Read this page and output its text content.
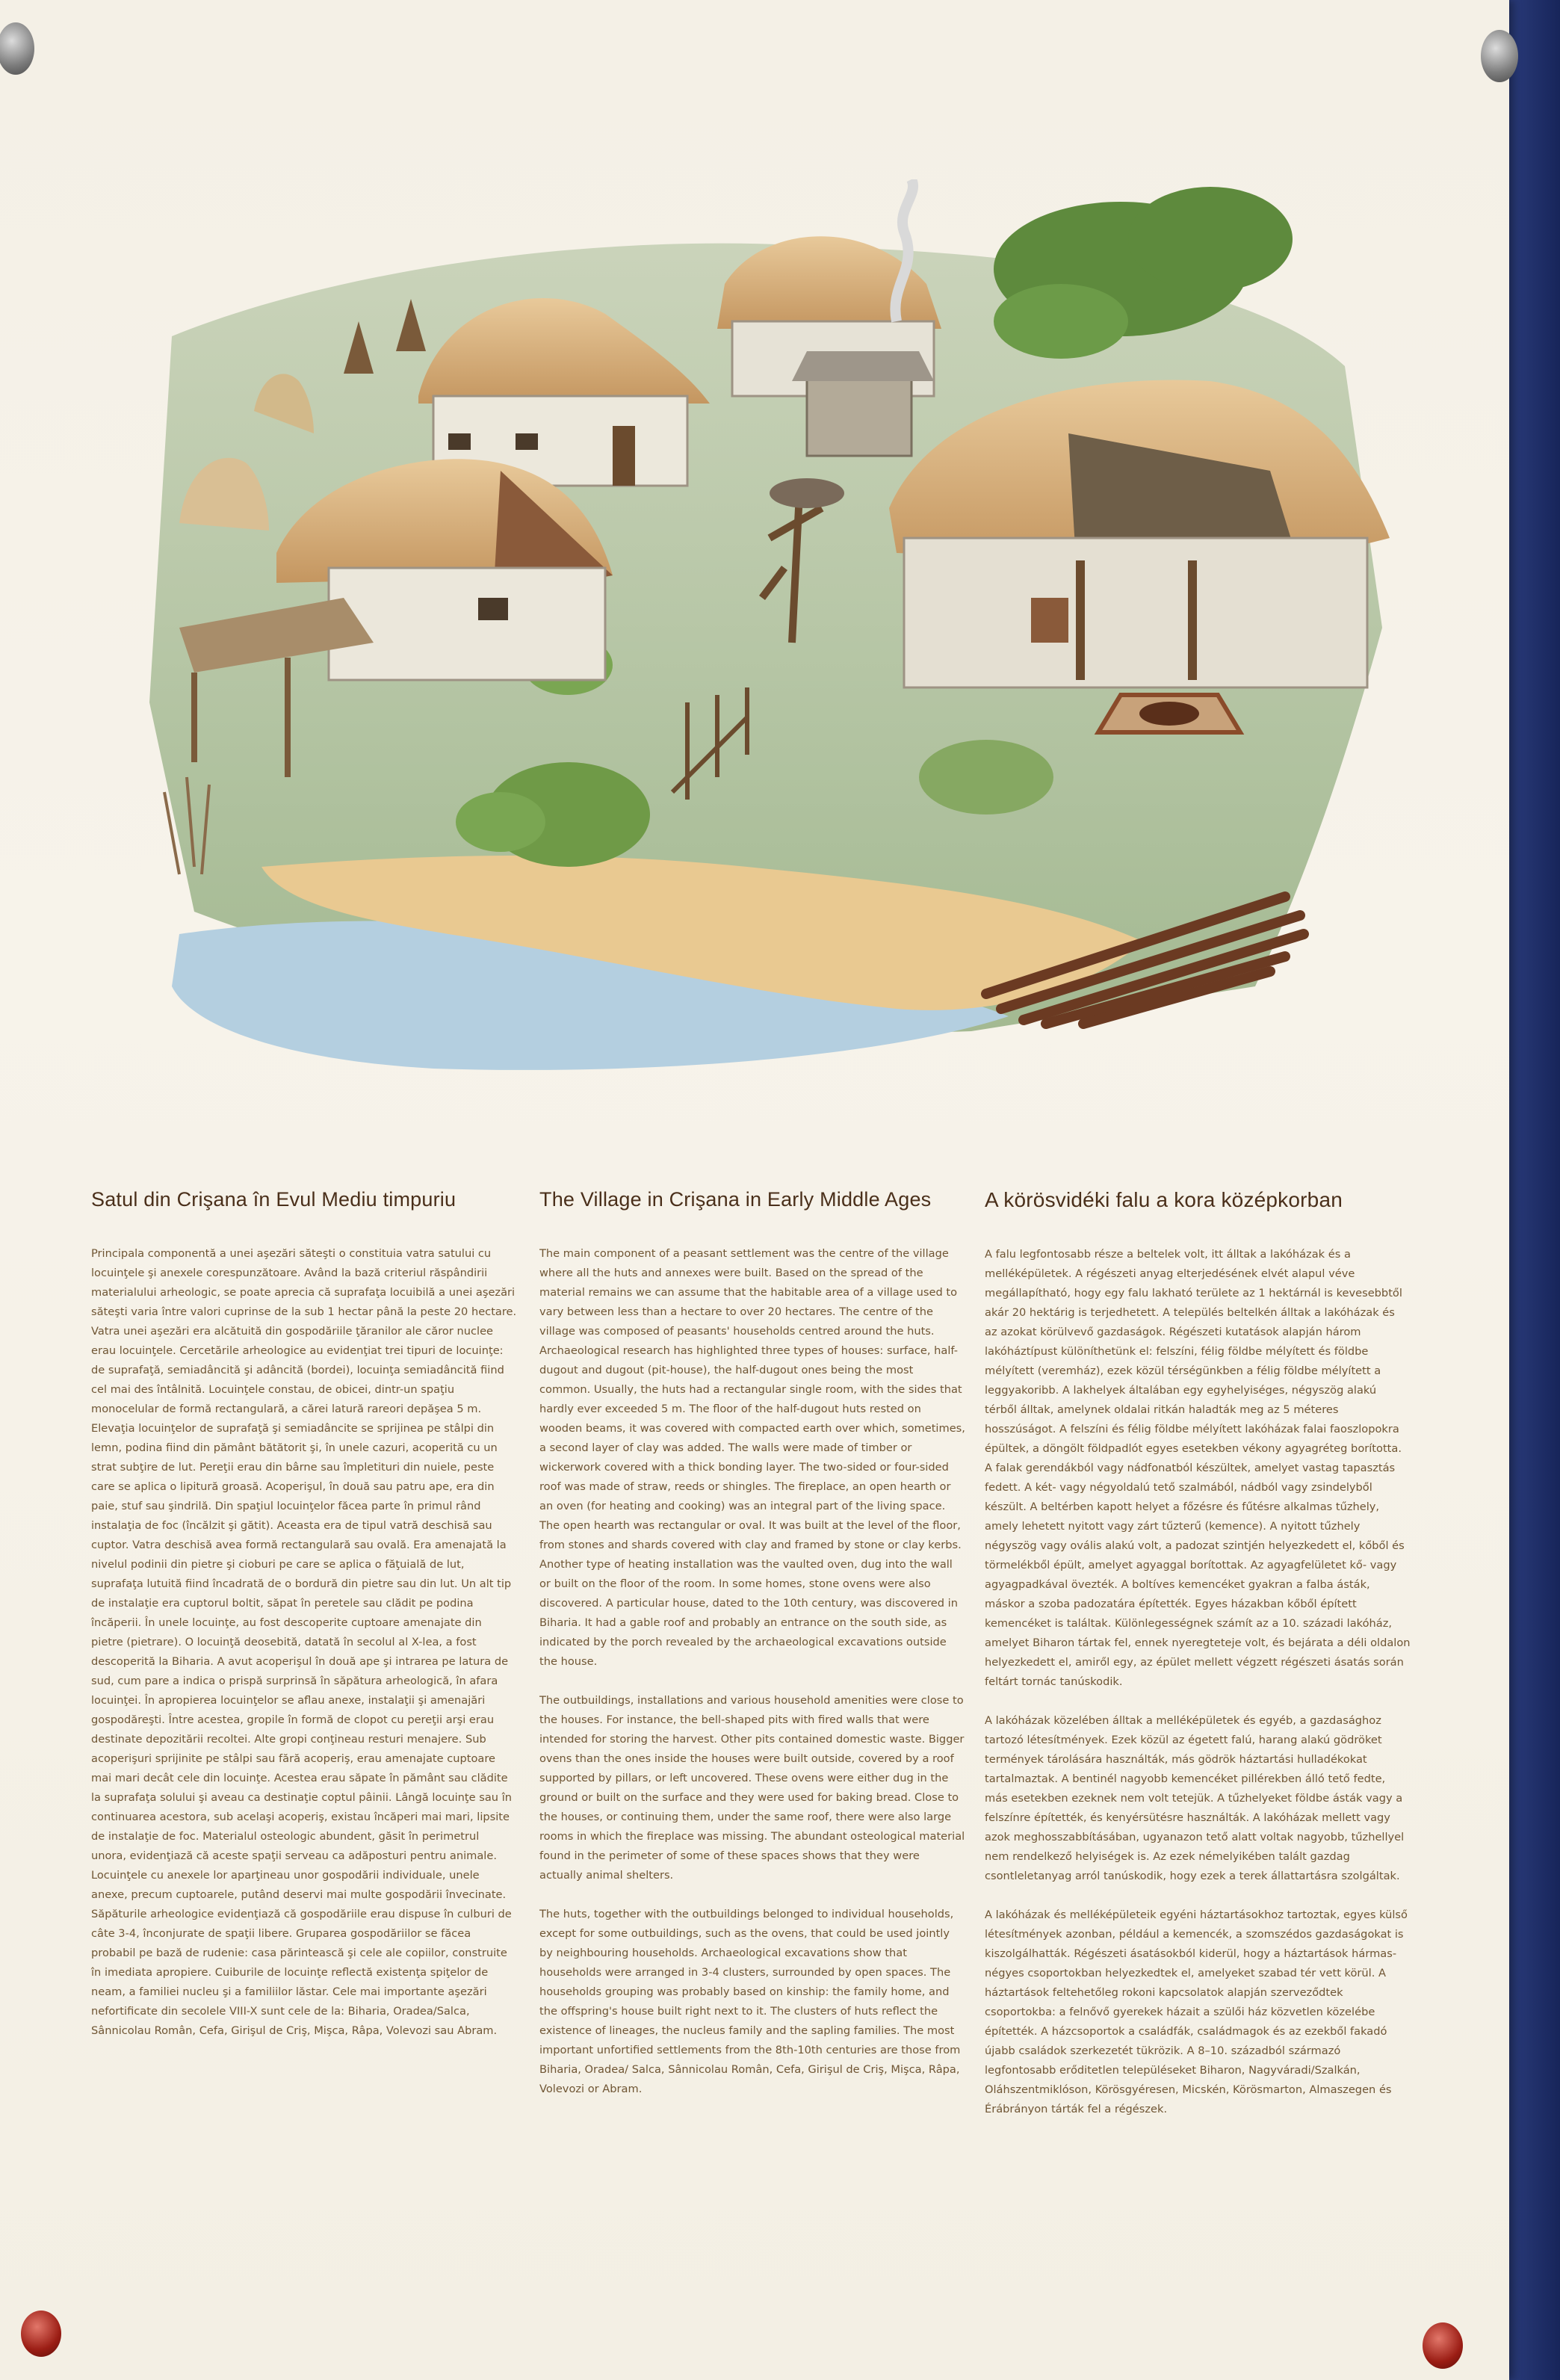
Satul din Crişana în Evul Mediu timpuriu

Principala componentă a unei aşezări săteşti o constituia vatra satului cu locuinţele şi anexele corespunzătoare. Având la bază criteriul răspândirii materialului arheologic, se poate aprecia că suprafaţa locuibilă a unei aşezări săteşti varia între valori cuprinse de la sub 1 hectar până la peste 20 hectare. Vatra unei aşezări era alcătuită din gospodăriile ţăranilor ale căror nuclee erau locuinţele. Cercetările arheologice au evidenţiat trei tipuri de locuinţe: de suprafaţă, semiadâncită şi adâncită (bordei), locuinţa semiadâncită fiind cel mai des întâlnită. Locuinţele constau, de obicei, dintr-un spaţiu monocelular de formă rectangulară, a cărei latură rareori depăşea 5 m. Elevaţia locuinţelor de suprafaţă şi semiadâncite se sprijinea pe stâlpi din lemn, podina fiind din pământ bătătorit şi, în unele cazuri, acoperită cu un strat subţire de lut. Pereţii erau din bârne sau împletituri din nuiele, peste care se aplica o lipitură groasă. Acoperişul, în două sau patru ape, era din paie, stuf sau şindrilă. Din spaţiul locuinţelor făcea parte în primul rând instalaţia de foc (încălzit şi gătit). Aceasta era de tipul vatră deschisă sau cuptor. Vatra deschisă avea formă rectangulară sau ovală. Era amenajată la nivelul podinii din pietre şi cioburi pe care se aplica o făţuială de lut, suprafaţa lutuită fiind încadrată de o bordură din pietre sau din lut. Un alt tip de instalaţie era cuptorul boltit, săpat în peretele sau clădit pe podina încăperii. În unele locuinţe, au fost descoperite cuptoare amenajate din pietre (pietrare). O locuinţă deosebită, datată în secolul al X-lea, a fost descoperită la Biharia. A avut acoperişul în două ape şi intrarea pe latura de sud, cum pare a indica o prispă surprinsă în săpătura arheologică, în afara locuinţei. În apropierea locuinţelor se aflau anexe, instalaţii şi amenajări gospodăreşti. Între acestea, gropile în formă de clopot cu pereţii arşi erau destinate depozitării recoltei. Alte gropi conţineau resturi menajere. Sub acoperişuri sprijinite pe stâlpi sau fără acoperiş, erau amenajate cuptoare mai mari decât cele din locuinţe. Acestea erau săpate în pământ sau clădite la suprafaţa solului şi aveau ca destinaţie coptul pâinii. Lângă locuinţe sau în continuarea acestora, sub acelaşi acoperiş, existau încăperi mai mari, lipsite de instalaţie de foc. Materialul osteologic abundent, găsit în perimetrul unora, evidenţiază că aceste spaţii serveau ca adăposturi pentru animale. Locuinţele cu anexele lor aparţineau unor gospodării individuale, unele anexe, precum cuptoarele, putând deservi mai multe gospodării învecinate. Săpăturile arheologice evidenţiază că gospodăriile erau dispuse în culburi de câte 3-4, înconjurate de spaţii libere. Gruparea gospodăriilor se făcea probabil pe bază de rudenie: casa părintească şi cele ale copiilor, construite în imediata apropiere. Cuiburile de locuinţe reflectă existenţa spiţelor de neam, a familiei nucleu şi a familiilor lăstar. Cele mai importante aşezări nefortificate din secolele VIII-X sunt cele de la: Biharia, Oradea/Salca, Sânnicolau Român, Cefa, Girişul de Criş, Mişca, Râpa, Volevozi sau Abram.

The Village in Crişana in Early Middle Ages

The main component of a peasant settlement was the centre of the village where all the huts and annexes were built. Based on the spread of the material remains we can assume that the habitable area of a village used to vary between less than a hectare to over 20 hectares. The centre of the village was composed of peasants' households centred around the huts. Archaeological research has highlighted three types of houses: surface, half-dugout and dugout (pit-house), the half-dugout ones being the most common. Usually, the huts had a rectangular single room, with the sides that hardly ever exceeded 5 m. The floor of the half-dugout huts rested on wooden beams, it was covered with compacted earth over which, sometimes, a second layer of clay was added. The walls were made of timber or wickerwork covered with a thick bonding layer. The two-sided or four-sided roof was made of straw, reeds or shingles. The fireplace, an open hearth or an oven (for heating and cooking) was an integral part of the living space. The open hearth was rectangular or oval. It was built at the level of the floor, from stones and shards covered with clay and framed by stone or clay kerbs. Another type of heating installation was the vaulted oven, dug into the wall or built on the floor of the room. In some homes, stone ovens were also discovered. A particular house, dated to the 10th century, was discovered in Biharia. It had a gable roof and probably an entrance on the south side, as indicated by the porch revealed by the archaeological excavations outside the house.

The outbuildings, installations and various household amenities were close to the houses. For instance, the bell-shaped pits with fired walls that were intended for storing the harvest. Other pits contained domestic waste. Bigger ovens than the ones inside the houses were built outside, covered by a roof supported by pillars, or left uncovered. These ovens were either dug in the ground or built on the surface and they were used for baking bread. Close to the houses, or continuing them, under the same roof, there were also large rooms in which the fireplace was missing. The abundant osteological material found in the perimeter of some of these spaces shows that they were actually animal shelters.

The huts, together with the outbuildings belonged to individual households, except for some outbuildings, such as the ovens, that could be used jointly by neighbouring households. Archaeological excavations show that households were arranged in 3-4 clusters, surrounded by open spaces. The households grouping was probably based on kinship: the family home, and the offspring's house built right next to it. The clusters of huts reflect the existence of lineages, the nucleus family and the sapling families. The most important unfortified settlements from the 8th-10th centuries are those from Biharia, Oradea/ Salca, Sânnicolau Român, Cefa, Girişul de Criş, Mişca, Râpa, Volevozi or Abram.

A körösvidéki falu a kora középkorban

A falu legfontosabb része a beltelek volt, itt álltak a lakóházak és a melléképületek. A régészeti anyag elterjedésének elvét alapul véve megállapítható, hogy egy falu lakható területe az 1 hektárnál is kevesebbtől akár 20 hektárig is terjedhetett. A település beltelkén álltak a lakóházak és az azokat körülvevő gazdaságok. Régészeti kutatások alapján három lakóháztípust különíthetünk el: felszíni, félig földbe mélyített és földbe mélyített (veremház), ezek közül térségünkben a félig földbe mélyített a leggyakoribb. A lakhelyek általában egy egyhelyiséges, négyszög alakú térből álltak, amelynek oldalai ritkán haladták meg az 5 méteres hosszúságot. A felszíni és félig földbe mélyített lakóházak falai faoszlopokra épültek, a döngölt földpadlót egyes esetekben vékony agyagréteg borította. A falak gerendákból vagy nádfonatból készültek, amelyet vastag tapasztás fedett. A két- vagy négyoldalú tető szalmából, nádból vagy zsindelyből készült. A beltérben kapott helyet a főzésre és fűtésre alkalmas tűzhely, amely lehetett nyitott vagy zárt tűzterű (kemence). A nyitott tűzhely négyszög vagy ovális alakú volt, a padozat szintjén helyezkedett el, kőből és törmelékből épült, amelyet agyaggal borítottak. Az agyagfelületet kő- vagy agyagpadkával övezték. A boltíves kemencéket gyakran a falba ásták, máskor a szoba padozatára építették. Egyes házakban kőből épített kemencéket is találtak. Különlegességnek számít az a 10. századi lakóház, amelyet Biharon tártak fel, ennek nyeregteteje volt, és bejárata a déli oldalon helyezkedett el, amiről egy, az épület mellett végzett régészeti ásatás során feltárt tornác tanúskodik.

A lakóházak közelében álltak a melléképületek és egyéb, a gazdasághoz tartozó létesítmények. Ezek közül az égetett falú, harang alakú gödröket termények tárolására használták, más gödrök háztartási hulladékokat tartalmaztak. A bentinél nagyobb kemencéket pillérekben álló tető fedte, más esetekben ezeknek nem volt tetejük. A tűzhelyeket földbe ásták vagy a felszínre építették, és kenyérsütésre használták. A lakóházak mellett vagy azok meghosszabbításában, ugyanazon tető alatt voltak nagyobb, tűzhellyel nem rendelkező helyiségek is. Az ezek némelyikében talált gazdag csontleletanyag arról tanúskodik, hogy ezek a terek állattartásra szolgáltak.

A lakóházak és melléképületeik egyéni háztartásokhoz tartoztak, egyes külső létesítmények azonban, például a kemencék, a szomszédos gazdaságokat is kiszolgálhatták. Régészeti ásatásokból kiderül, hogy a háztartások hármas-négyes csoportokban helyezkedtek el, amelyeket szabad tér vett körül. A háztartások feltehetőleg rokoni kapcsolatok alapján szerveződtek csoportokba: a felnővő gyerekek házait a szülői ház közvetlen közelébe építették. A házcsoportok a családfák, családmagok és az ezekből fakadó újabb családok szerkezetét tükrözik. A 8–10. századból származó legfontosabb erőditetlen településeket Biharon, Nagyváradi/Szalkán, Oláhszentmiklóson, Körösgyéresen, Micskén, Körösmarton, Almaszegen és Érábrányon tárták fel a régészek.
